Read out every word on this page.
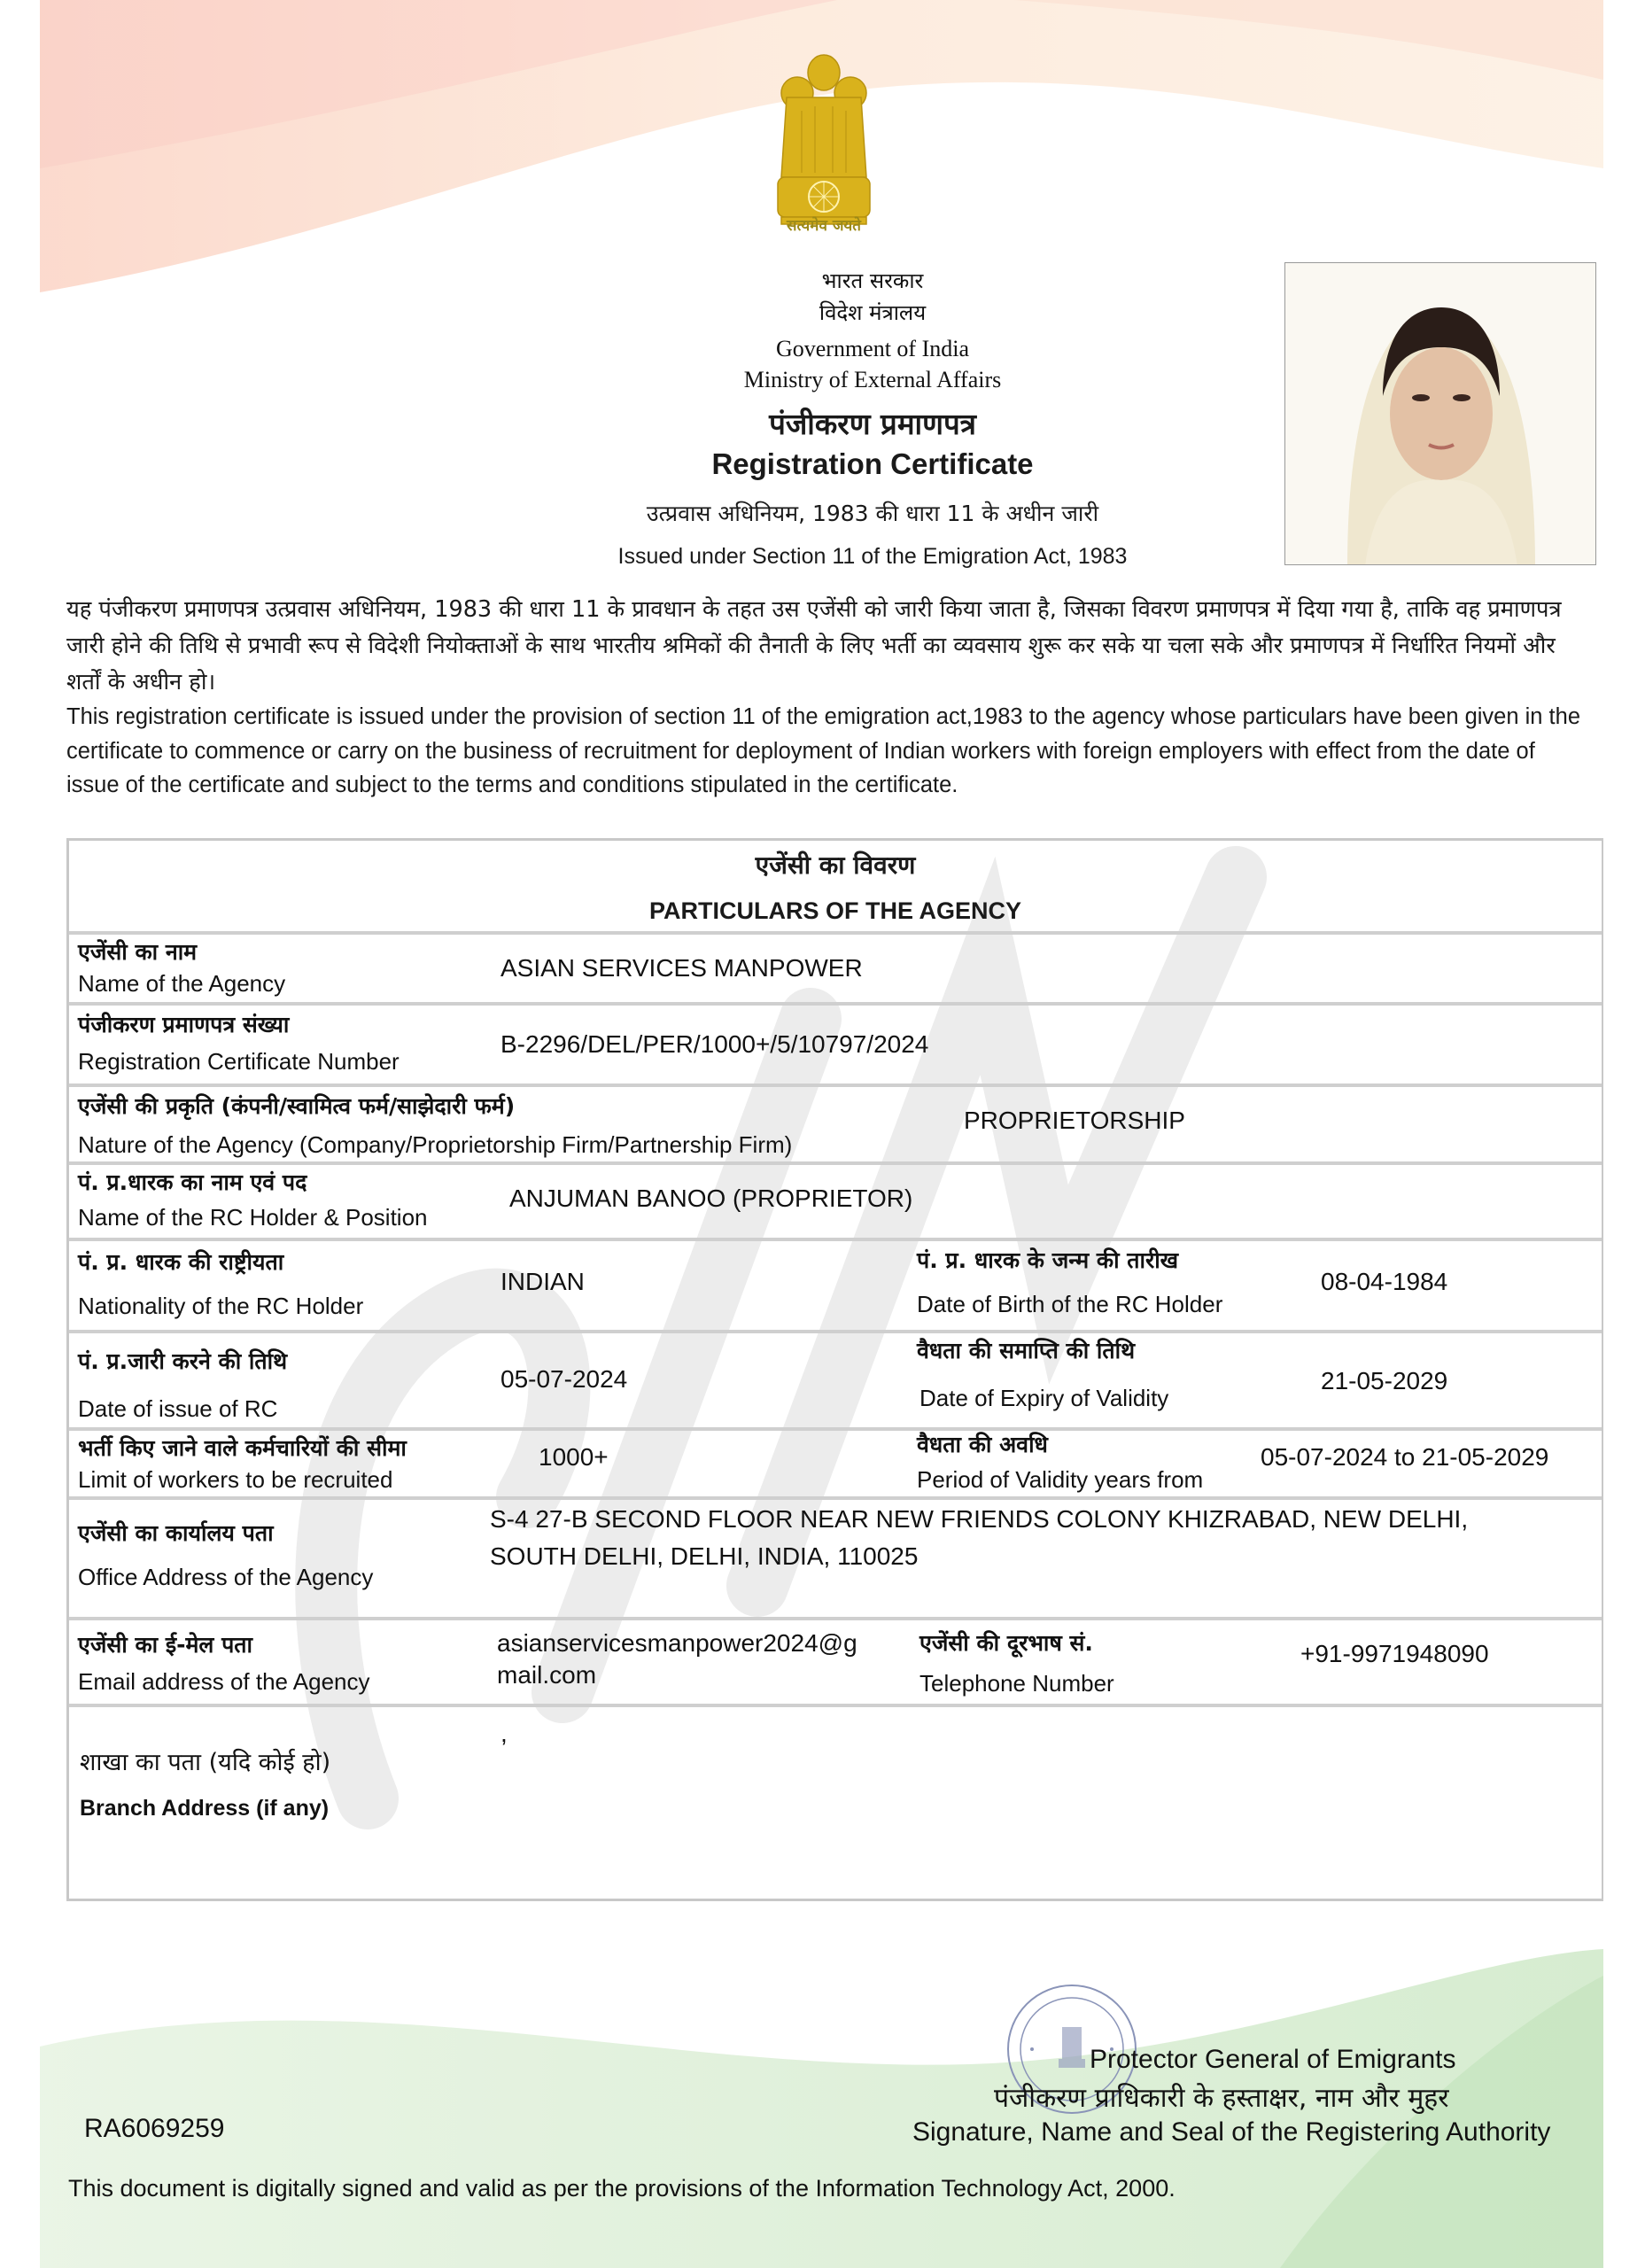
सत्यमेव जयते
भारत सरकार
विदेश मंत्रालय
Government of India
Ministry of External Affairs
पंजीकरण प्रमाणपत्र
Registration Certificate
उत्प्रवास अधिनियम, 1983 की धारा 11 के अधीन जारी
Issued under Section 11 of the Emigration Act, 1983
यह पंजीकरण प्रमाणपत्र उत्प्रवास अधिनियम, 1983 की धारा 11 के प्रावधान के तहत उस एजेंसी को जारी किया जाता है, जिसका विवरण प्रमाणपत्र में दिया गया है, ताकि वह प्रमाणपत्र जारी होने की तिथि से प्रभावी रूप से विदेशी नियोक्ताओं के साथ भारतीय श्रमिकों की तैनाती के लिए भर्ती का व्यवसाय शुरू कर सके या चला सके और प्रमाणपत्र में निर्धारित नियमों और शर्तों के अधीन हो।
This registration certificate is issued under the provision of section 11 of the emigration act,1983 to the agency whose particulars have been given in the certificate to commence or carry on the business of recruitment for deployment of Indian workers with foreign employers with effect from the date of issue of the certificate and subject to the terms and conditions stipulated in the certificate.
एजेंसी का विवरण
PARTICULARS OF THE AGENCY
एजेंसी का नाम
Name of the Agency
ASIAN SERVICES MANPOWER
पंजीकरण प्रमाणपत्र संख्या
Registration Certificate Number
B-2296/DEL/PER/1000+/5/10797/2024
एजेंसी की प्रकृति (कंपनी/स्वामित्व फर्म/साझेदारी फर्म)
Nature of the Agency (Company/Proprietorship Firm/Partnership Firm)
PROPRIETORSHIP
पं. प्र.धारक का नाम एवं पद
Name of the RC Holder & Position
ANJUMAN BANOO (PROPRIETOR)
पं. प्र. धारक की राष्ट्रीयता
Nationality of the RC Holder
INDIAN
पं. प्र. धारक के जन्म की तारीख
Date of Birth of the RC Holder
08-04-1984
पं. प्र.जारी करने की तिथि
Date of issue of RC
05-07-2024
वैधता की समाप्ति की तिथि
Date of Expiry of Validity
21-05-2029
भर्ती किए जाने वाले कर्मचारियों की सीमा
Limit of workers to be recruited
1000+	वैधता की अवधि
Period of Validity years from
05-07-2024 to 21-05-2029
एजेंसी का कार्यालय पता
Office Address of the Agency
S-4 27-B SECOND FLOOR NEAR NEW FRIENDS COLONY KHIZRABAD, NEW DELHI,
SOUTH DELHI, DELHI, INDIA, 110025
एजेंसी का ई-मेल पता
Email address of the Agency
asianservicesmanpower2024@g
mail.com
एजेंसी की दूरभाष सं.
Telephone Number
+91-9971948090
शाखा का पता (यदि कोई हो)
Branch Address (if any)
,
Protector General of Emigrants
पंजीकरण प्राधिकारी के हस्ताक्षर, नाम और मुहर
Signature, Name and Seal of the Registering Authority
RA6069259
This document is digitally signed and valid as per the provisions of the Information Technology Act, 2000.
